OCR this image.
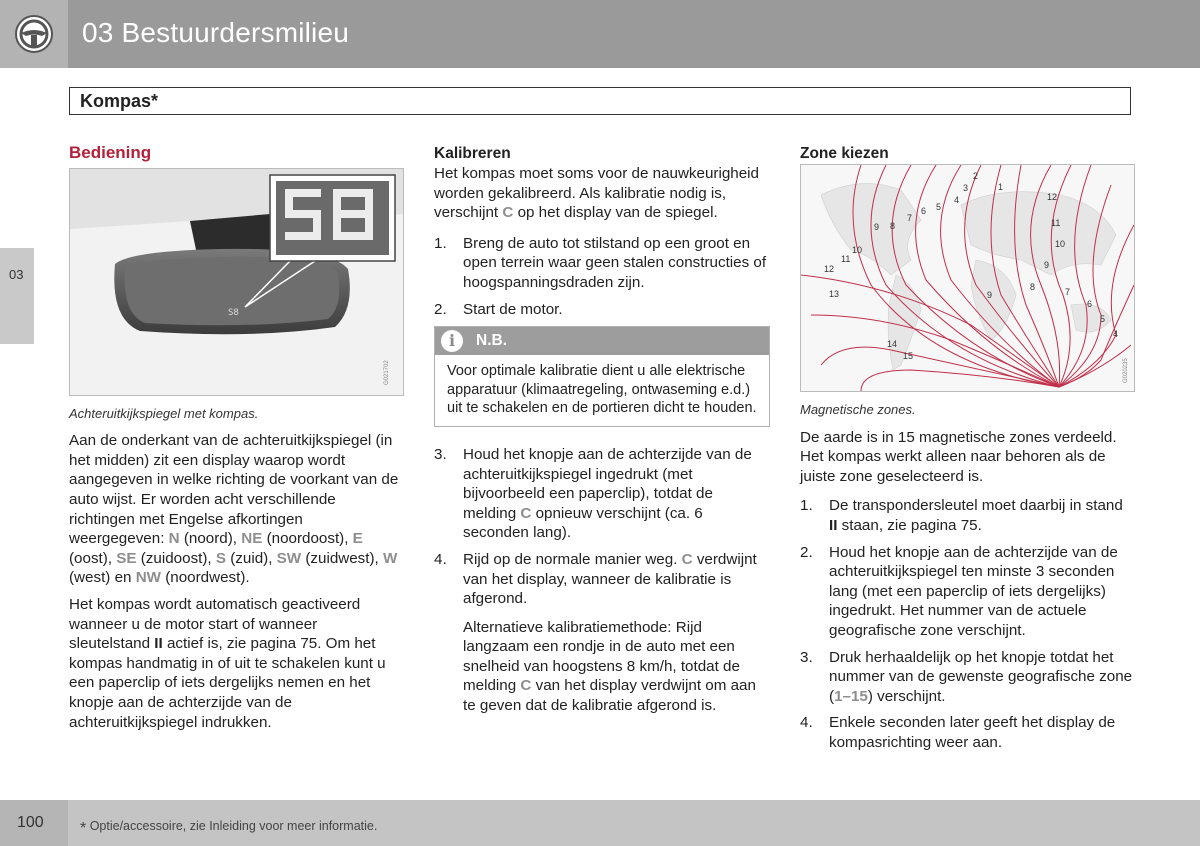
03 Bestuurdersmilieu
Kompas*
03
Bediening
S8
G021702
Achteruitkijkspiegel met kompas.

Aan de onderkant van de achteruitkijkspiegel (in het midden) zit een display waarop wordt aangegeven in welke richting de voorkant van de auto wijst. Er worden acht verschillende richtingen met Engelse afkortingen weergegeven: N (noord), NE (noordoost), E (oost), SE (zuidoost), S (zuid), SW (zuidwest), W (west) en NW (noordwest).

Het kompas wordt automatisch geactiveerd wanneer u de motor start of wanneer sleutelstand II actief is, zie pagina 75. Om het kompas handmatig in of uit te schakelen kunt u een paperclip of iets dergelijks nemen en het knopje aan de achterzijde van de achteruitkijkspiegel indrukken.

Kalibreren

Het kompas moet soms voor de nauwkeurigheid worden gekalibreerd. Als kalibratie nodig is, verschijnt C op het display van de spiegel.

1. Breng de auto tot stilstand op een groot en open terrein waar geen stalen constructies of hoogspanningsdraden zijn.
2. Start de motor.
i	N.B.
Voor optimale kalibratie dient u alle elektrische apparatuur (klimaatregeling, ontwaseming e.d.) uit te schakelen en de portieren dicht te houden.
3. Houd het knopje aan de achterzijde van de achteruitkijkspiegel ingedrukt (met bijvoorbeeld een paperclip), totdat de melding C opnieuw verschijnt (ca. 6 seconden lang).
4. Rijd op de normale manier weg. C verdwijnt van het display, wanneer de kalibratie is afgerond.
Alternatieve kalibratiemethode: Rijd langzaam een rondje in de auto met een snelheid van hoogstens 8 km/h, totdat de melding C van het display verdwijnt om aan te geven dat de kalibratie afgerond is.
Zone kiezen
1
2
3
4
5
6
7
8
9
10
11
12
13
14
15
12
11
10
9
8	7
6
5
4
9
G020235
Magnetische zones.

De aarde is in 15 magnetische zones verdeeld. Het kompas werkt alleen naar behoren als de juiste zone geselecteerd is.

1. De transpondersleutel moet daarbij in stand II staan, zie pagina 75.
2. Houd het knopje aan de achterzijde van de achteruitkijkspiegel ten minste 3 seconden lang (met een paperclip of iets dergelijks) ingedrukt. Het nummer van de actuele geografische zone verschijnt.
3. Druk herhaaldelijk op het knopje totdat het nummer van de gewenste geografische zone (1–15) verschijnt.
4. Enkele seconden later geeft het display de kompasrichting weer aan.
100 * Optie/accessoire, zie Inleiding voor meer informatie.
